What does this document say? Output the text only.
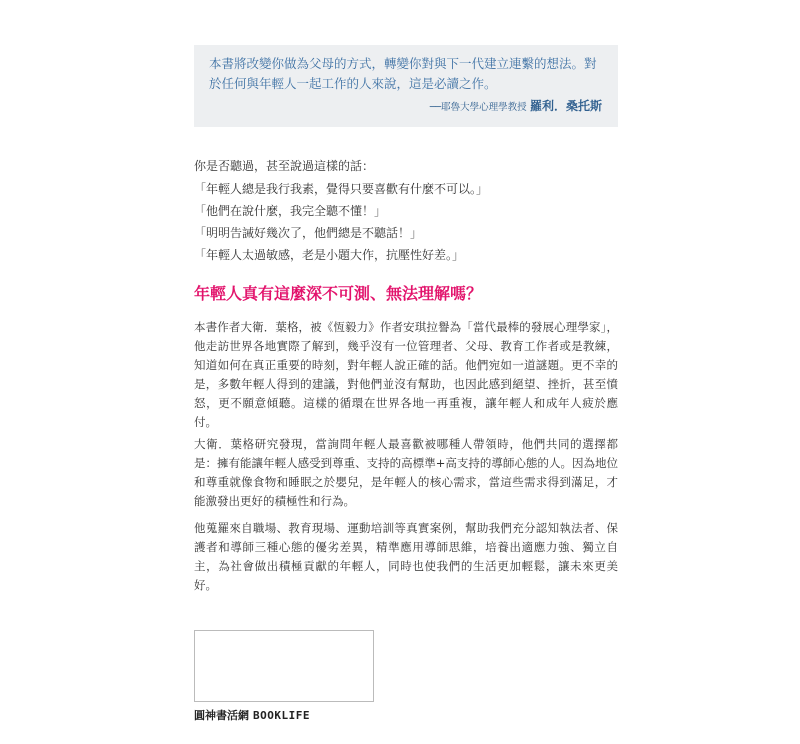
本書將改變你做為父母的方式，轉變你對與下一代建立連繫的想法。對於任何與年輕人一起工作的人來說，這是必讀之作。

──耶魯大學心理學教授 羅利．桑托斯

你是否聽過，甚至說過這樣的話：

「年輕人總是我行我素，覺得只要喜歡有什麼不可以。」

「他們在說什麼，我完全聽不懂！」

「明明告誡好幾次了，他們總是不聽話！」

「年輕人太過敏感，老是小題大作，抗壓性好差。」

年輕人真有這麼深不可測、無法理解嗎？

本書作者大衛．葉格，被《恆毅力》作者安琪拉譽為「當代最棒的發展心理學家」，他走訪世界各地實際了解到，幾乎沒有一位管理者、父母、教育工作者或是教練，知道如何在真正重要的時刻，對年輕人說正確的話。他們宛如一道謎題。更不幸的是，多數年輕人得到的建議，對他們並沒有幫助，也因此感到絕望、挫折，甚至憤怒，更不願意傾聽。這樣的循環在世界各地一再重複，讓年輕人和成年人疲於應付。

大衛．葉格研究發現，當詢問年輕人最喜歡被哪種人帶領時，他們共同的選擇都是：擁有能讓年輕人感受到尊重、支持的高標準+高支持的導師心態的人。因為地位和尊重就像食物和睡眠之於嬰兒，是年輕人的核心需求，當這些需求得到滿足，才能激發出更好的積極性和行為。

他蒐羅來自職場、教育現場、運動培訓等真實案例，幫助我們充分認知執法者、保護者和導師三種心態的優劣差異，精準應用導師思維，培養出適應力強、獨立自主，為社會做出積極貢獻的年輕人，同時也使我們的生活更加輕鬆，讓未來更美好。

圓神書活網 BOOKLIFE
